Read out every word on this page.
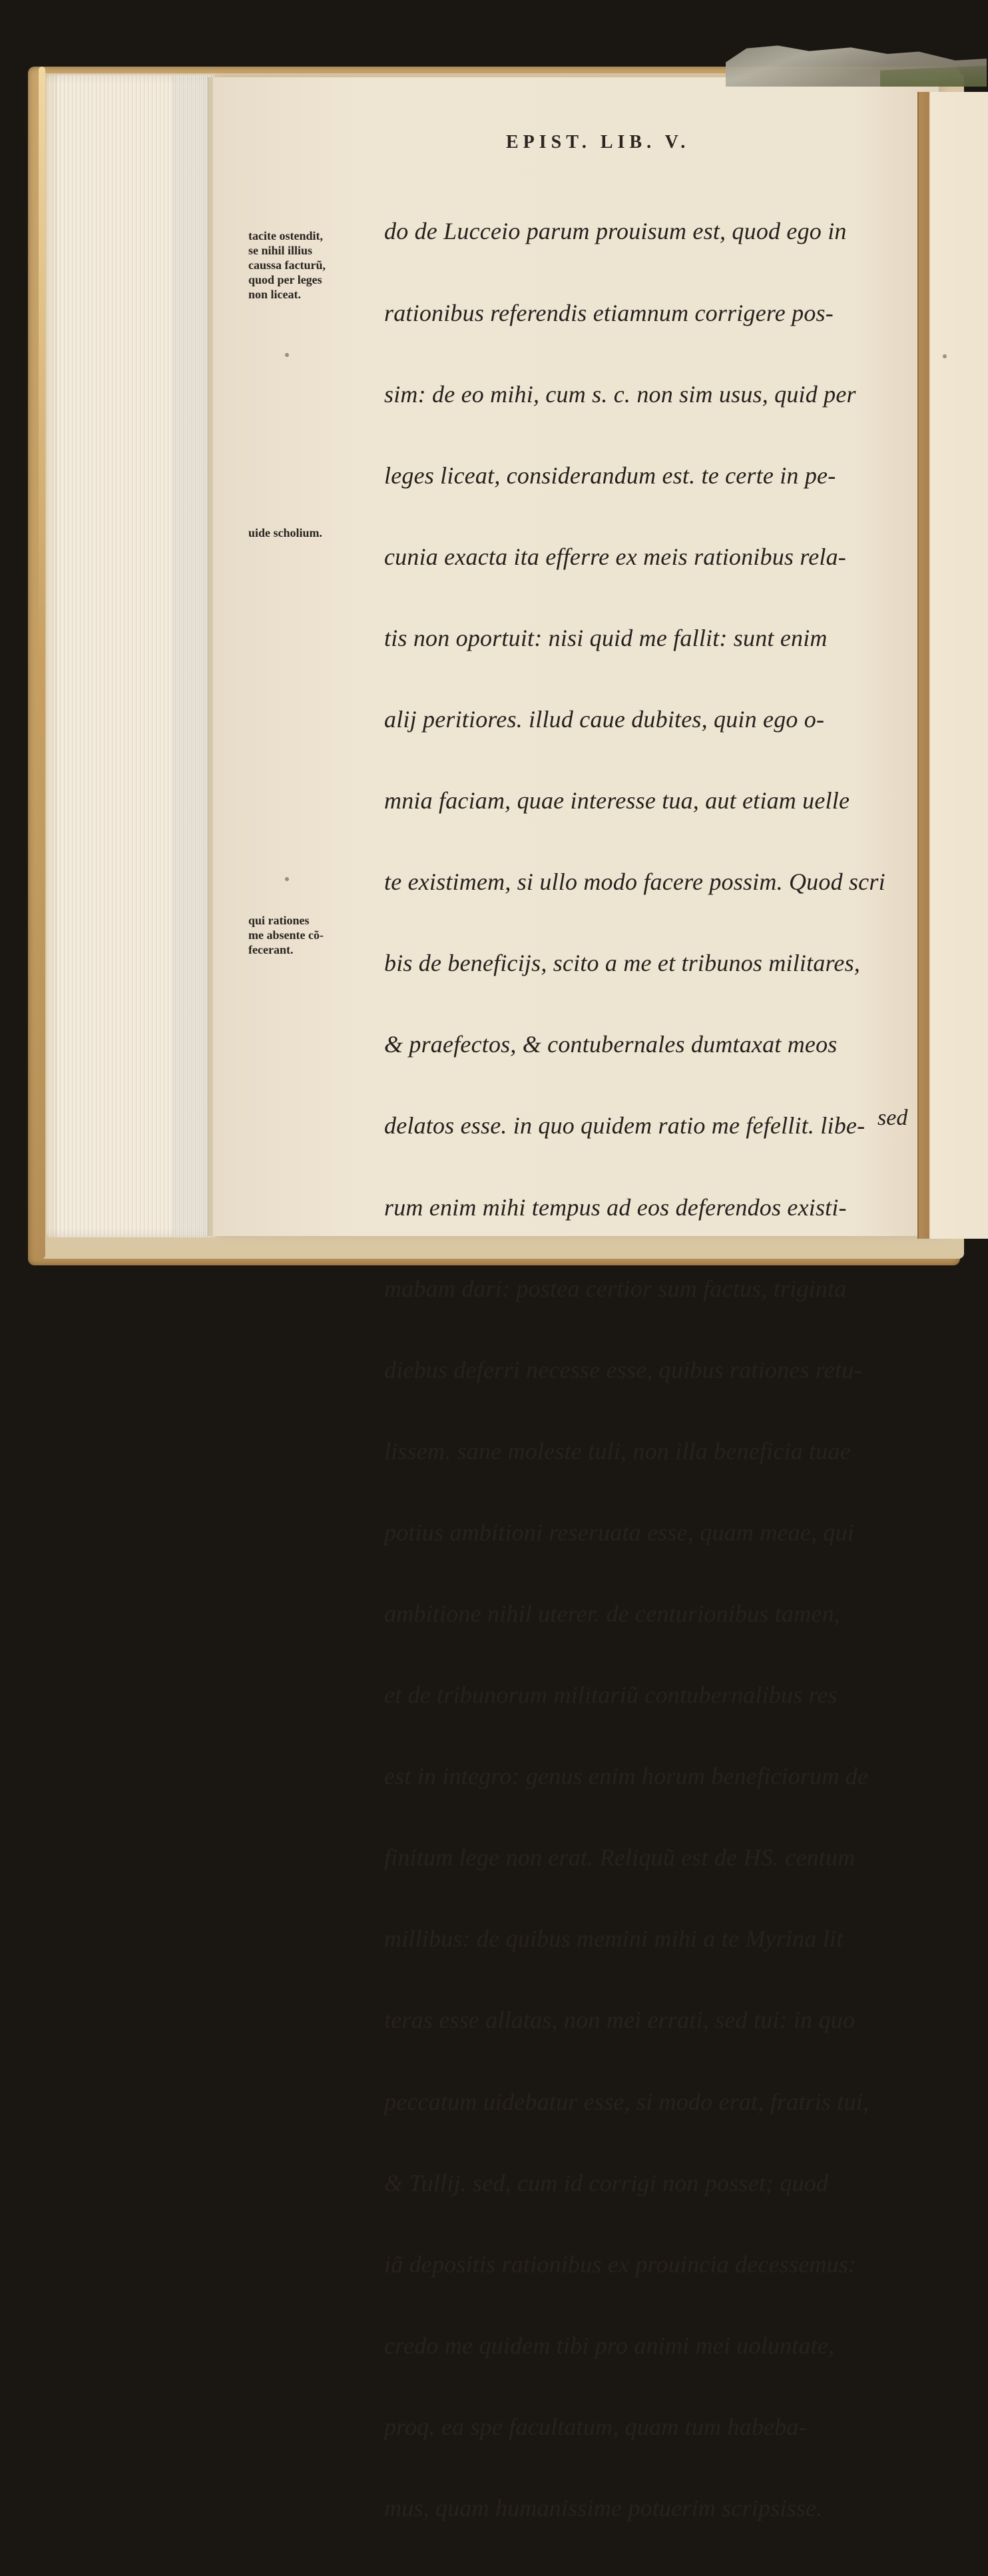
EPIST. LIB. V.
tacite ostendit,
se nihil illius
caussa facturũ,
quod per leges
non liceat.
uide scholium.
qui rationes
me absente cõ-
fecerant.

do de Lucceio parum prouisum est, quod ego in

rationibus referendis etiamnum corrigere pos-

sim: de eo mihi, cum s. c. non sim usus, quid per

leges liceat, considerandum est. te certe in pe-

cunia exacta ita efferre ex meis rationibus rela-

tis non oportuit: nisi quid me fallit: sunt enim

alij peritiores. illud caue dubites, quin ego o-

mnia faciam, quae interesse tua, aut etiam uelle

te existimem, si ullo modo facere possim. Quod scri

bis de beneficijs, scito a me et tribunos militares,

& praefectos, & contubernales dumtaxat meos

delatos esse. in quo quidem ratio me fefellit. libe-

rum enim mihi tempus ad eos deferendos existi-

mabam dari: postea certior sum factus, triginta

diebus deferri necesse esse, quibus rationes retu-

lissem. sane moleste tuli, non illa beneficia tuae

potius ambitioni reseruata esse, quam meae, qui

ambitione nihil uterer. de centurionibus tamen,

et de tribunorum militariũ contubernalibus res

est in integro: genus enim horum beneficiorum de

finitum lege non erat. Reliquũ est de HS. centum

millibus: de quibus memini mihi a te Myrina lit

teras esse allatas, non mei errati, sed tui: in quo

peccatum uidebatur esse, si modo erat, fratris tui,

& Tullij. sed, cum id corrigi non posset; quod

iã depositis rationibus ex prouincia decessemus:

credo me quidem tibi pro animi mei uoluntate,

proq. ea spe facultatum, quam tum habeba-

mus, quam humanissime potuerim scripsisse.

sed
